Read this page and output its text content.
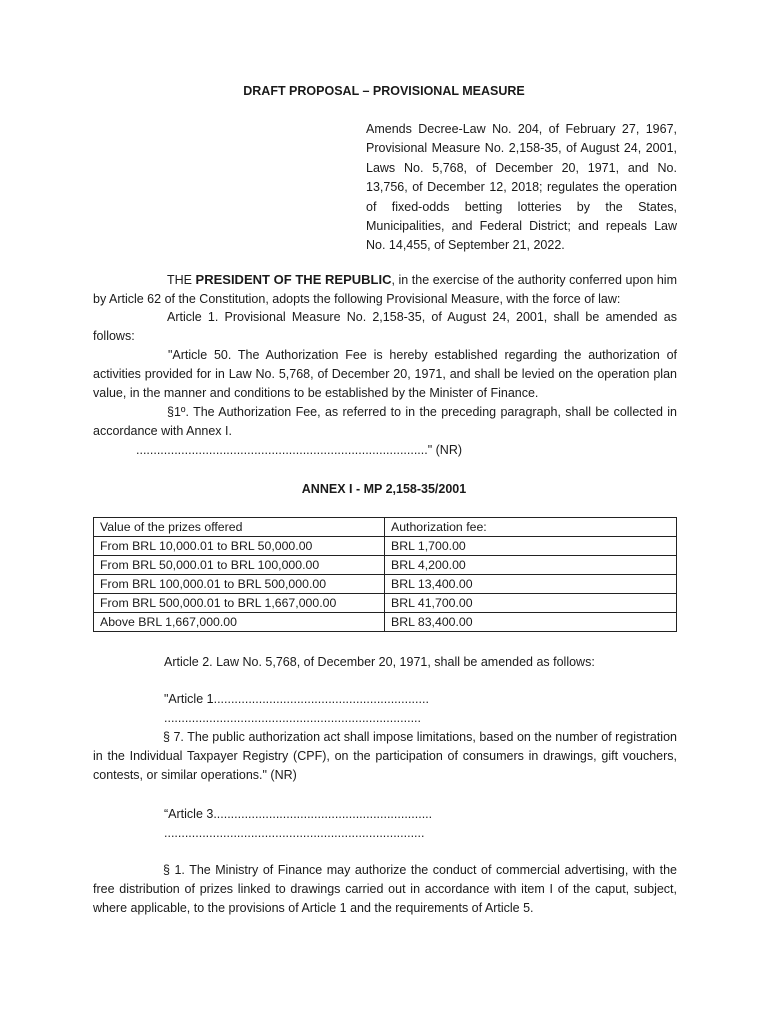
DRAFT PROPOSAL – PROVISIONAL MEASURE
Amends Decree-Law No. 204, of February 27, 1967, Provisional Measure No. 2,158-35, of August 24, 2001, Laws No. 5,768, of December 20, 1971, and No. 13,756, of December 12, 2018; regulates the operation of fixed-odds betting lotteries by the States, Municipalities, and Federal District; and repeals Law No. 14,455, of September 21, 2022.
THE PRESIDENT OF THE REPUBLIC, in the exercise of the authority conferred upon him by Article 62 of the Constitution, adopts the following Provisional Measure, with the force of law:
Article 1. Provisional Measure No. 2,158-35, of August 24, 2001, shall be amended as follows:
"Article 50. The Authorization Fee is hereby established regarding the authorization of activities provided for in Law No. 5,768, of December 20, 1971, and shall be levied on the operation plan value, in the manner and conditions to be established by the Minister of Finance.
§1º. The Authorization Fee, as referred to in the preceding paragraph, shall be collected in accordance with Annex I.
...................................................................................." (NR)
ANNEX I - MP 2,158-35/2001
Value of the prizes offered	Authorization fee:
From BRL 10,000.01 to BRL 50,000.00	BRL 1,700.00
From BRL 50,000.01 to BRL 100,000.00	BRL 4,200.00
From BRL 100,000.01 to BRL 500,000.00	BRL 13,400.00
From BRL 500,000.01 to BRL 1,667,000.00	BRL 41,700.00
Above BRL 1,667,000.00	BRL 83,400.00
Article 2. Law No. 5,768, of December 20, 1971, shall be amended as follows:
"Article 1..............................................................
..........................................................................
§ 7. The public authorization act shall impose limitations, based on the number of registration in the Individual Taxpayer Registry (CPF), on the participation of consumers in drawings, gift vouchers, contests, or similar operations." (NR)
“Article 3...............................................................
...........................................................................
§ 1. The Ministry of Finance may authorize the conduct of commercial advertising, with the free distribution of prizes linked to drawings carried out in accordance with item I of the caput, subject, where applicable, to the provisions of Article 1 and the requirements of Article 5.
